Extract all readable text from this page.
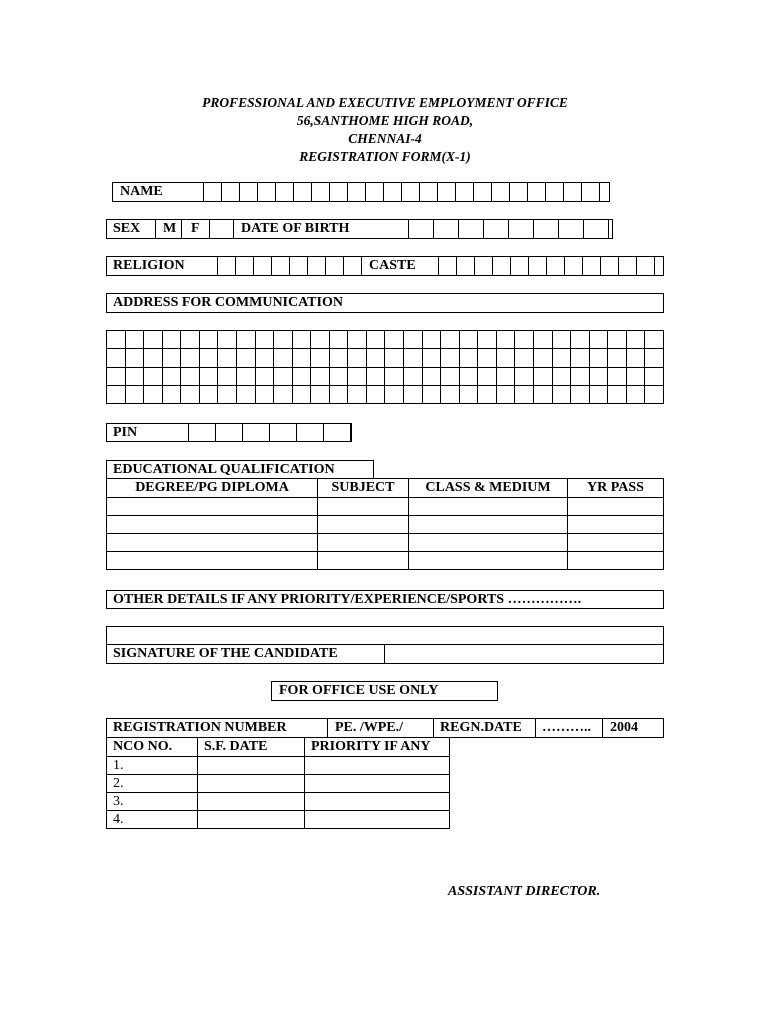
PROFESSIONAL AND EXECUTIVE EMPLOYMENT OFFICE
56,SANTHOME HIGH ROAD,
CHENNAI-4
REGISTRATION FORM(X-1)
NAME
SEX M F	DATE OF BIRTH
RELIGION	CASTE
ADDRESS FOR COMMUNICATION

PIN
EDUCATIONAL QUALIFICATION
DEGREE/PG DIPLOMA	SUBJECT	CLASS & MEDIUM	YR PASS

OTHER DETAILS IF ANY PRIORITY/EXPERIENCE/SPORTS …………….
SIGNATURE OF THE CANDIDATE
FOR OFFICE USE ONLY
REGISTRATION NUMBER	PE. /WPE./	REGN.DATE ……….. 2004
NCO NO.	S.F. DATE	PRIORITY IF ANY
1.		
2.		
3.		
4.		
ASSISTANT DIRECTOR.
